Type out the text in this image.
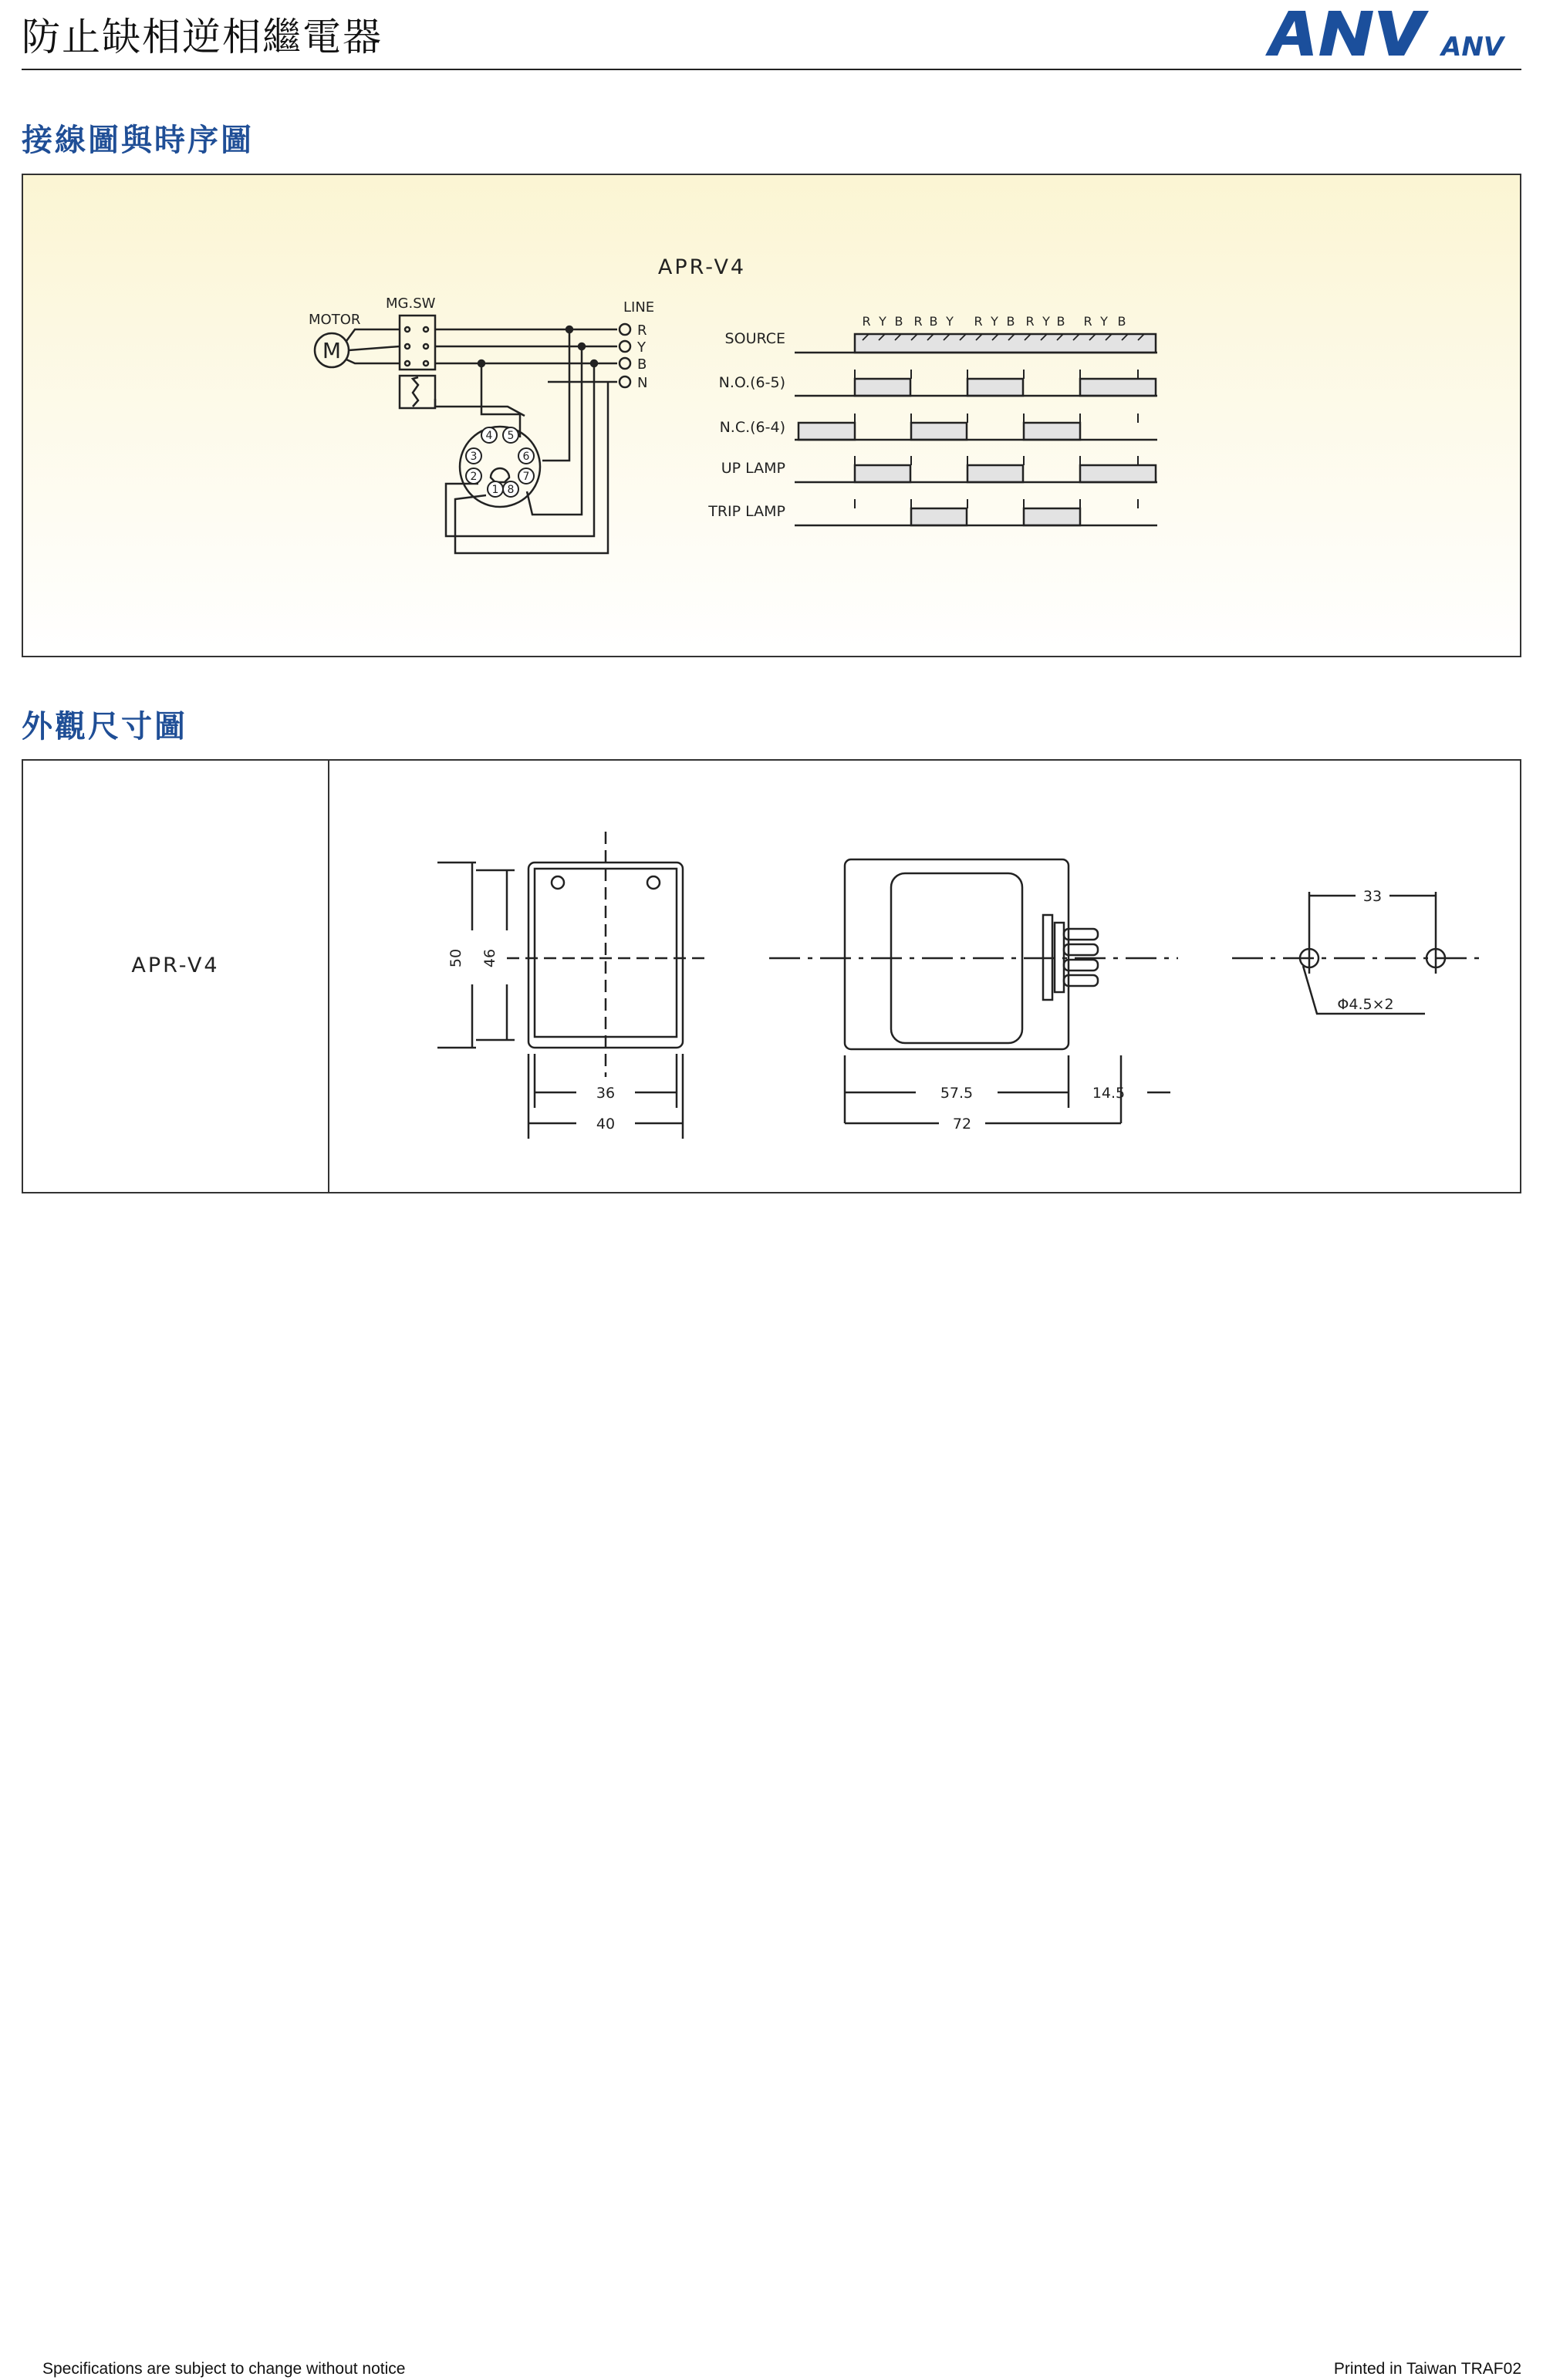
防止缺相逆相繼電器	ANV
接線圖與時序圖
APR-V4
MOTOR
M
MG.SW	LINE
R
Y
B
N
1
2
3
4 5
6
7
8
SOURCE
N.O.(6-5)
N.C.(6-4)
UP LAMP
TRIP LAMP
R Y B R B Y R Y B R Y B R Y B
外觀尺寸圖
APR-V4	50 46
36
40
57.5	14.5
72
33
Φ4.5×2
Specifications are subject to change without notice	Printed in Taiwan TRAF02
